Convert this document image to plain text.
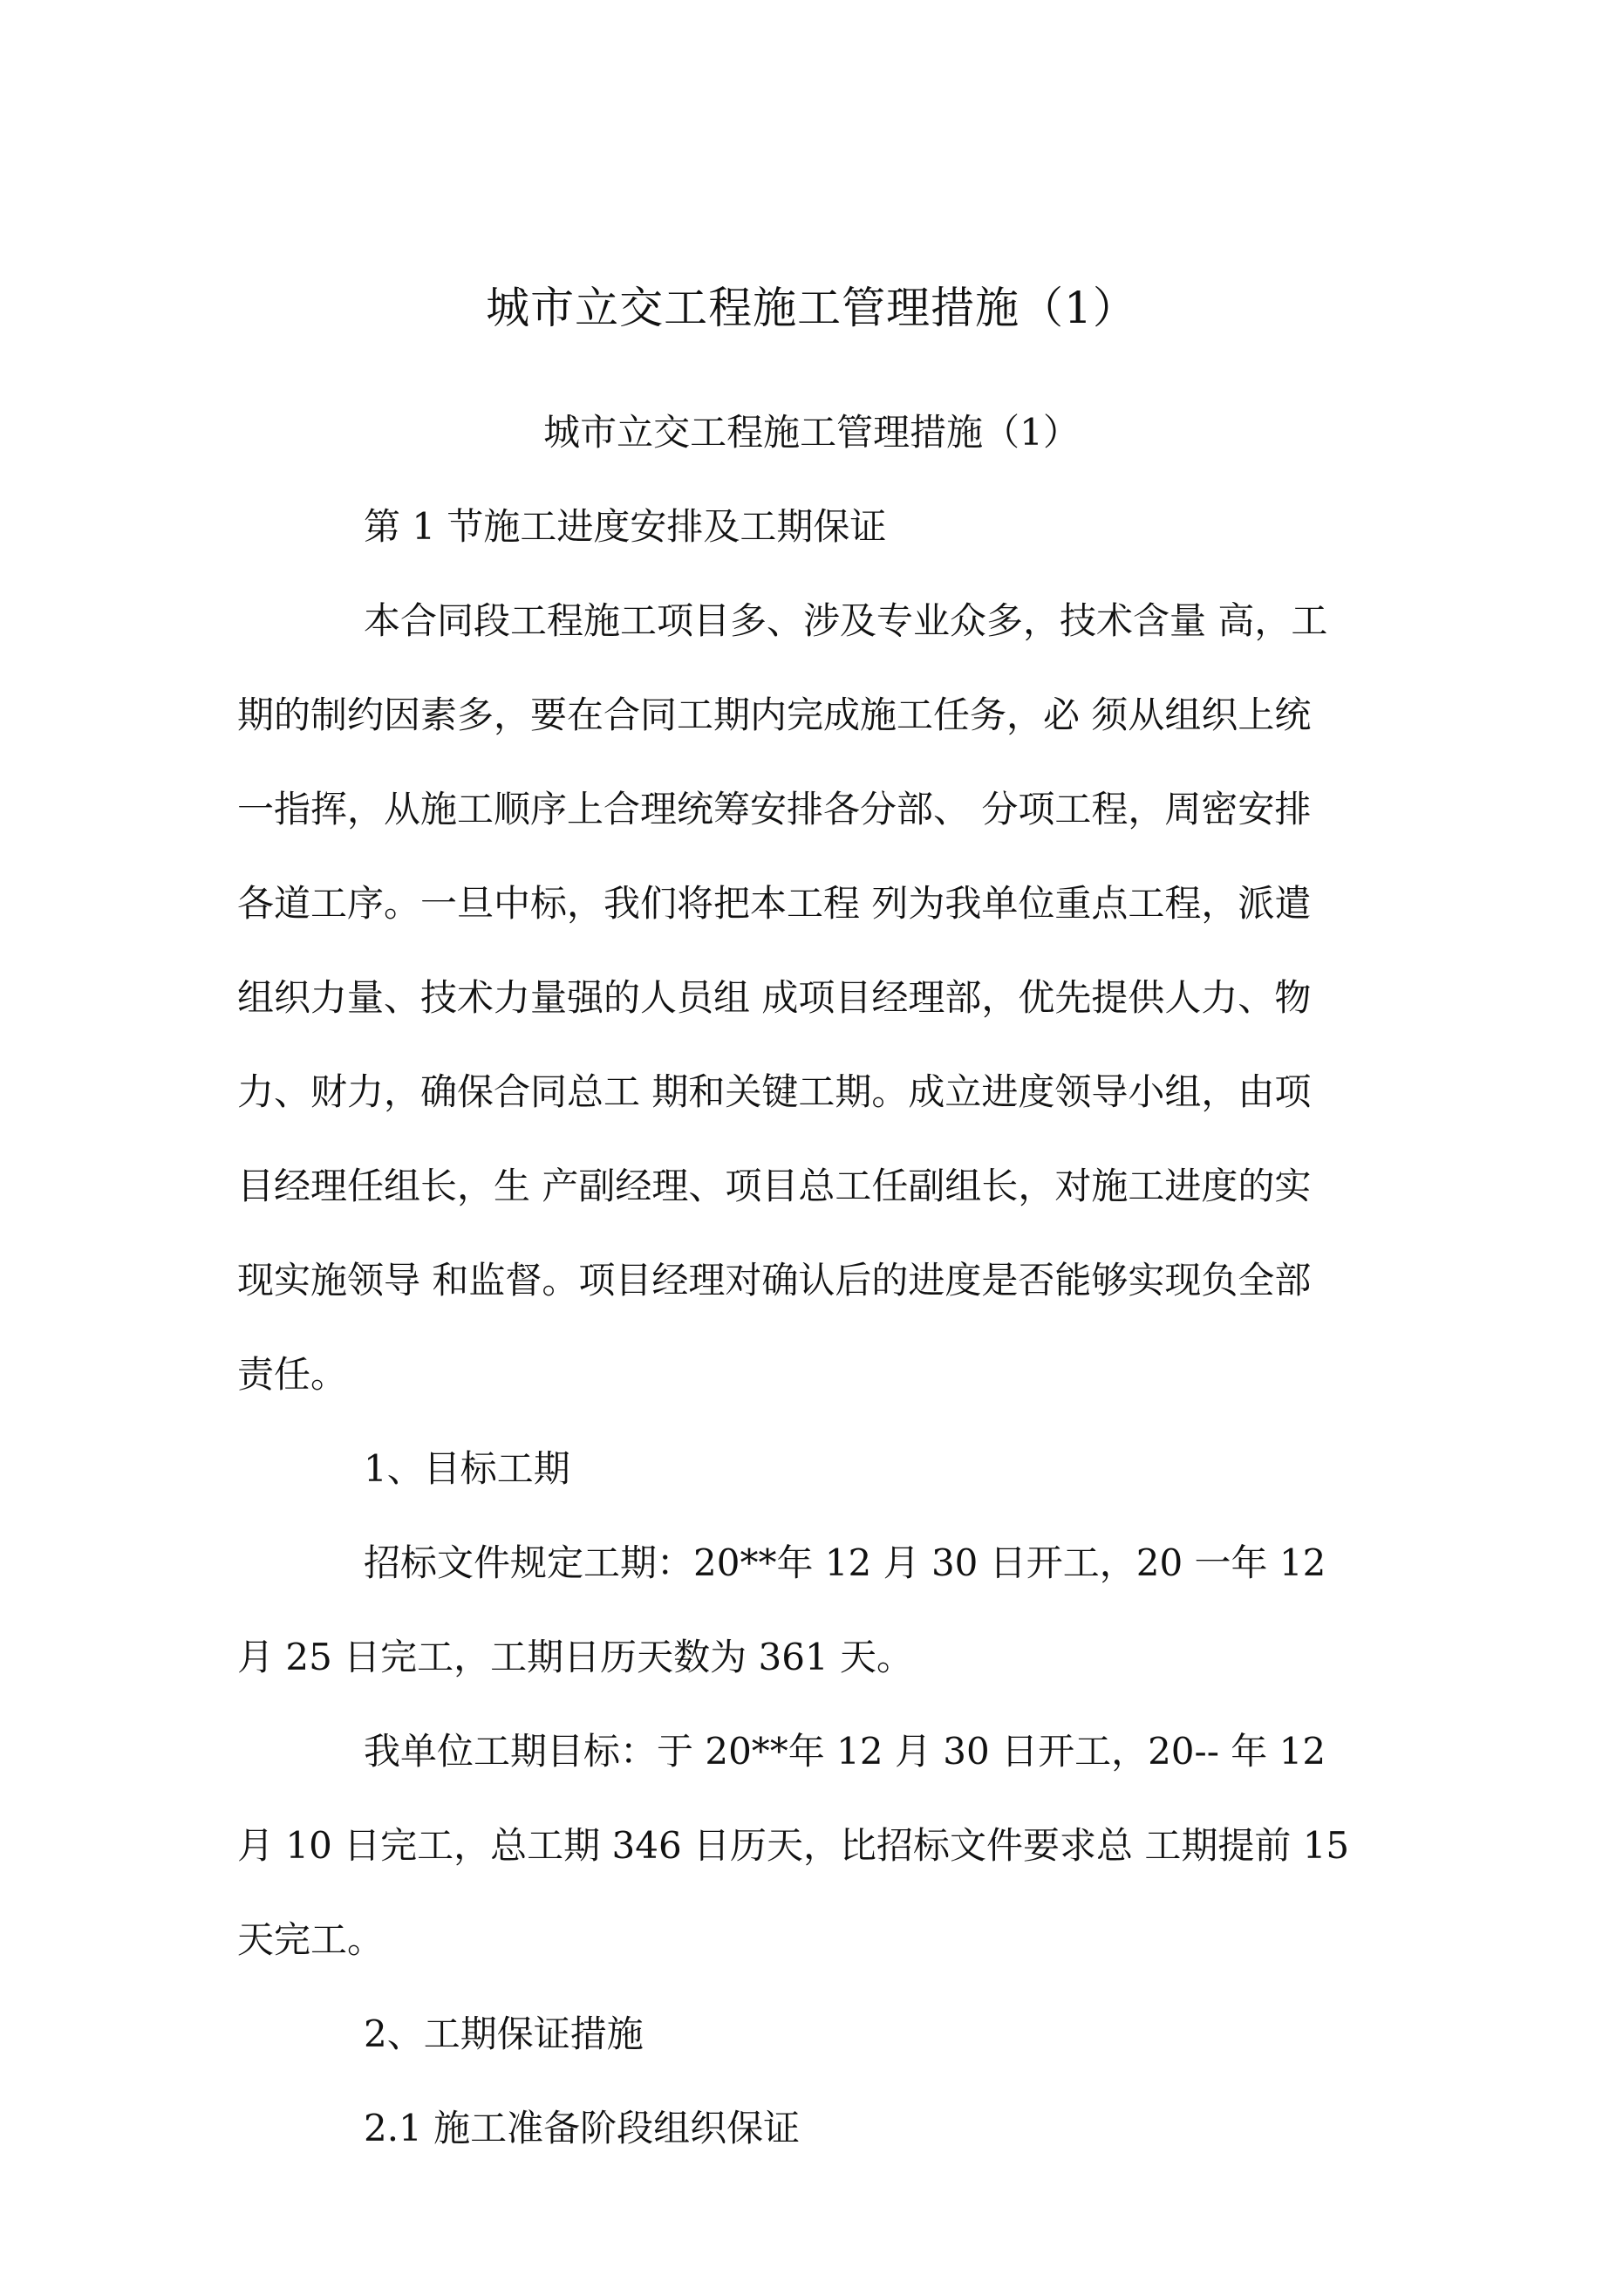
城市立交工程施工管理措施（1）

城市立交工程施工管理措施（1）

第 1 节施工进度安排及工期保证

本合同段工程施工项目多、涉及专业众多，技术含量 高，工

期的制约因素多，要在合同工期内完成施工任务，必 须从组织上统

一指挥，从施工顺序上合理统筹安排各分部、 分项工程，周密安排

各道工序。一旦中标，我们将把本工程 列为我单位重点工程，派遣

组织力量、技术力量强的人员组 成项目经理部，优先提供人力、物

力、财力，确保合同总工 期和关键工期。成立进度领导小组，由项

目经理任组长，生 产副经理、项目总工任副组长，对施工进度的实

现实施领导 和监督。项目经理对确认后的进度是否能够实现负全部

责任。

1、目标工期

招标文件规定工期：20**年 12 月 30 日开工，20 一年 12

月 25 日完工，工期日历天数为 361 天。

我单位工期目标：于 20**年 12 月 30 日开工，20-- 年 12

月 10 日完工，总工期 346 日历天，比招标文件要求总 工期提前 15

天完工。

2、工期保证措施

2.1 施工准备阶段组织保证
